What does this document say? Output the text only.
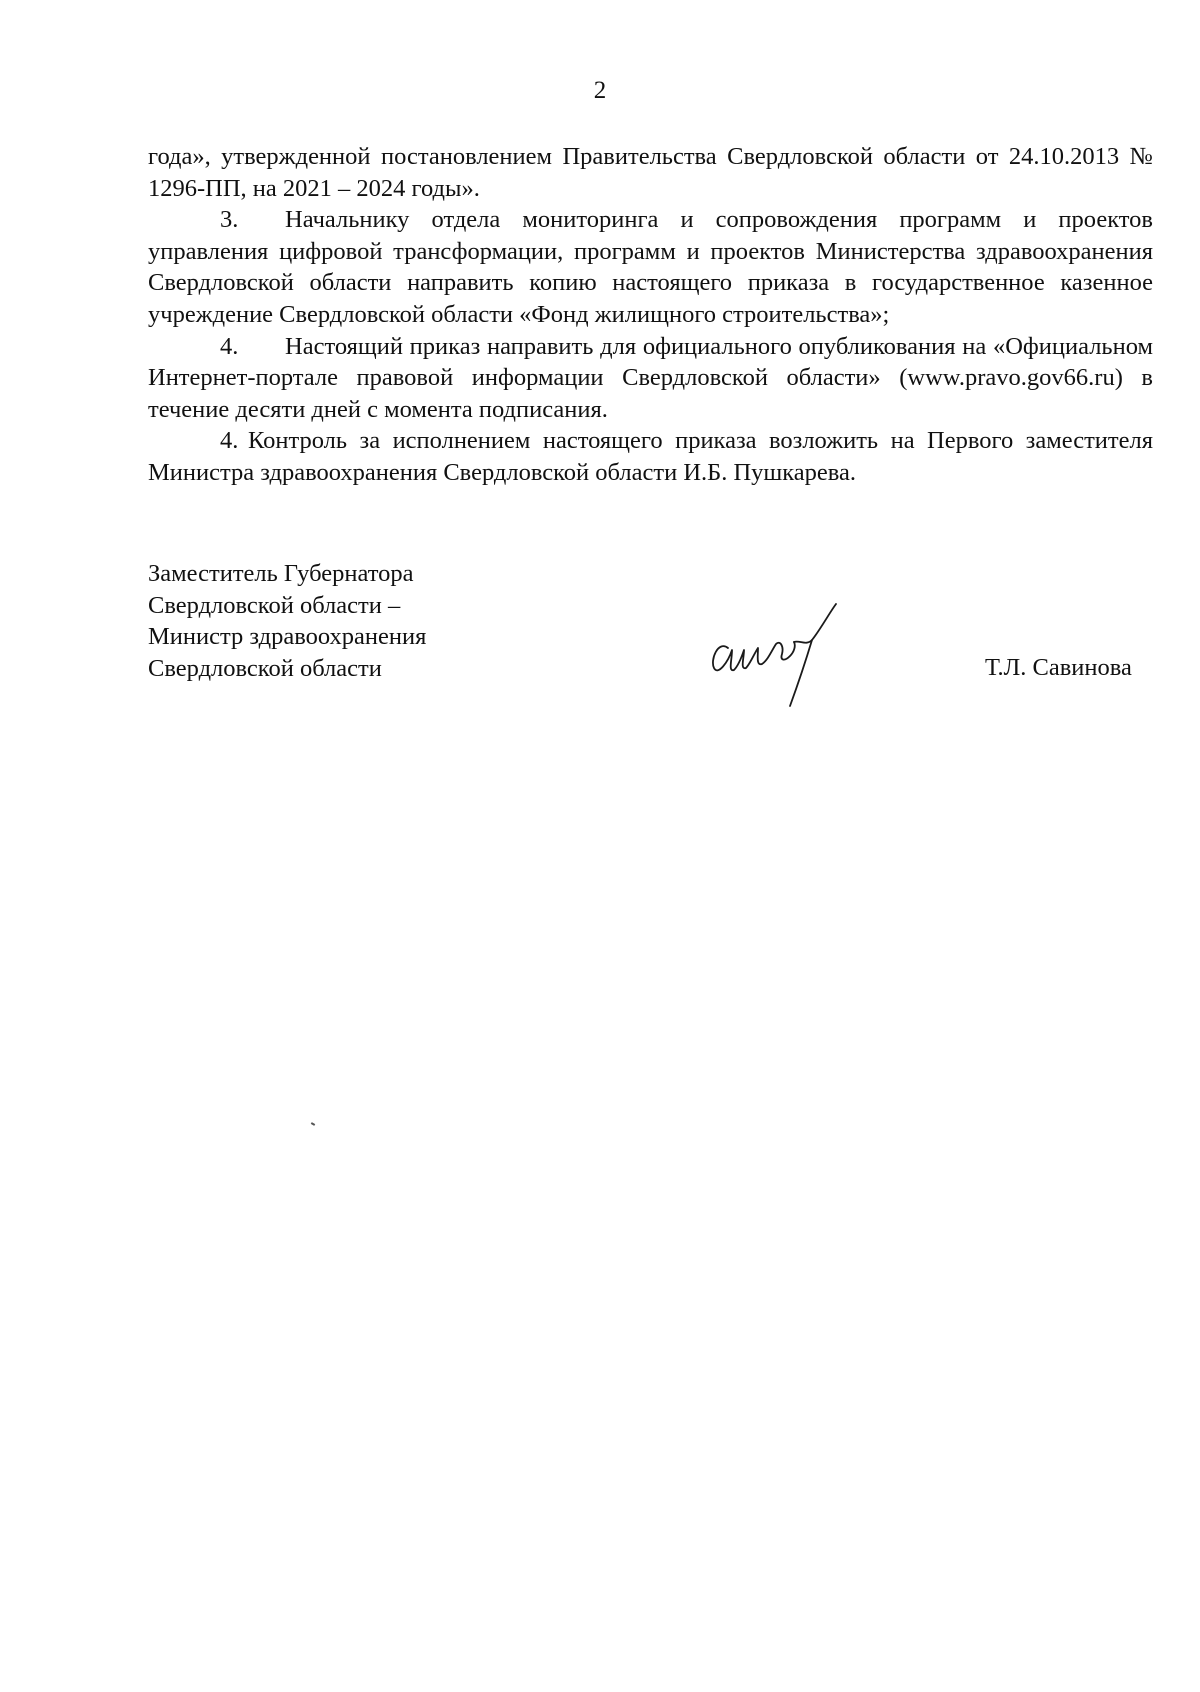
2

года», утвержденной постановлением Правительства Свердловской области от 24.10.2013 № 1296-ПП, на 2021 – 2024 годы».

3. Начальнику отдела мониторинга и сопровождения программ и проектов управления цифровой трансформации, программ и проектов Министерства здравоохранения Свердловской области направить копию настоящего приказа в государственное казенное учреждение Свердловской области «Фонд жилищного строительства»;

4. Настоящий приказ направить для официального опубликования на «Официальном Интернет-портале правовой информации Свердловской области» (www.pravo.gov66.ru) в течение десяти дней с момента подписания.

4. Контроль за исполнением настоящего приказа возложить на Первого заместителя Министра здравоохранения Свердловской области И.Б. Пушкарева.

Заместитель Губернатора
Свердловской области –
Министр здравоохранения
Свердловской области	Т.Л. Савинова
